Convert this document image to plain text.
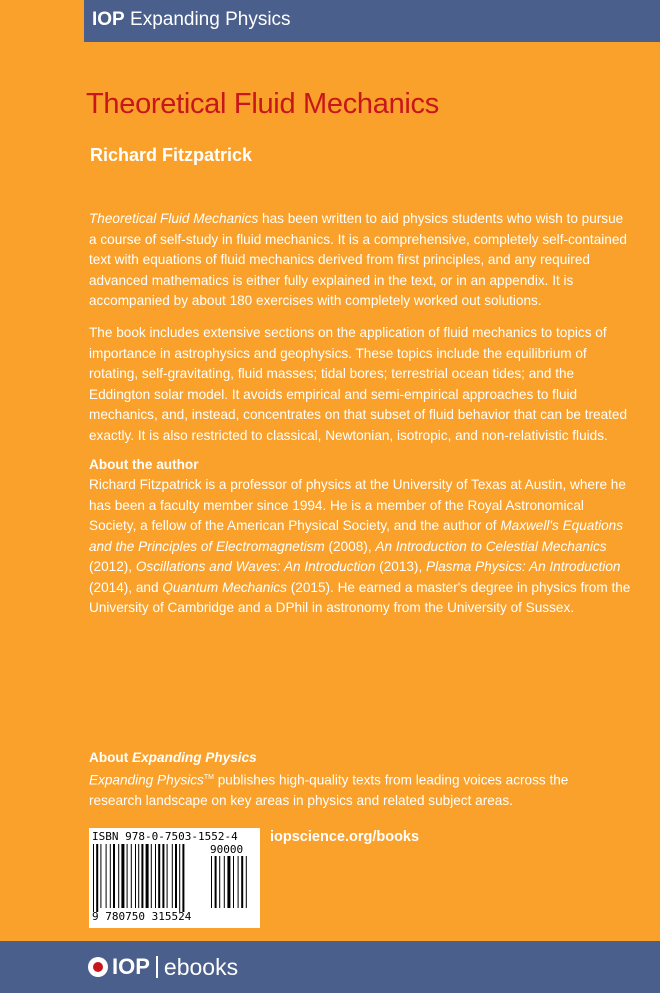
IOP Expanding Physics
Theoretical Fluid Mechanics
Richard Fitzpatrick
Theoretical Fluid Mechanics has been written to aid physics students who wish to pursue a course of self-study in fluid mechanics. It is a comprehensive, completely self-contained text with equations of fluid mechanics derived from first principles, and any required advanced mathematics is either fully explained in the text, or in an appendix. It is accompanied by about 180 exercises with completely worked out solutions.
The book includes extensive sections on the application of fluid mechanics to topics of importance in astrophysics and geophysics. These topics include the equilibrium of rotating, self-gravitating, fluid masses; tidal bores; terrestrial ocean tides; and the Eddington solar model. It avoids empirical and semi-empirical approaches to fluid mechanics, and, instead, concentrates on that subset of fluid behavior that can be treated exactly. It is also restricted to classical, Newtonian, isotropic, and non-relativistic fluids.
About the author
Richard Fitzpatrick is a professor of physics at the University of Texas at Austin, where he has been a faculty member since 1994. He is a member of the Royal Astronomical Society, a fellow of the American Physical Society, and the author of Maxwell's Equations and the Principles of Electromagnetism (2008), An Introduction to Celestial Mechanics (2012), Oscillations and Waves: An Introduction (2013), Plasma Physics: An Introduction (2014), and Quantum Mechanics (2015). He earned a master's degree in physics from the University of Cambridge and a DPhil in astronomy from the University of Sussex.
About Expanding Physics
Expanding Physics™ publishes high-quality texts from leading voices across the research landscape on key areas in physics and related subject areas.
ISBN 978-0-7503-1552-4
90000
9 780750 315524
iopscience.org/books
IOP ebooks
